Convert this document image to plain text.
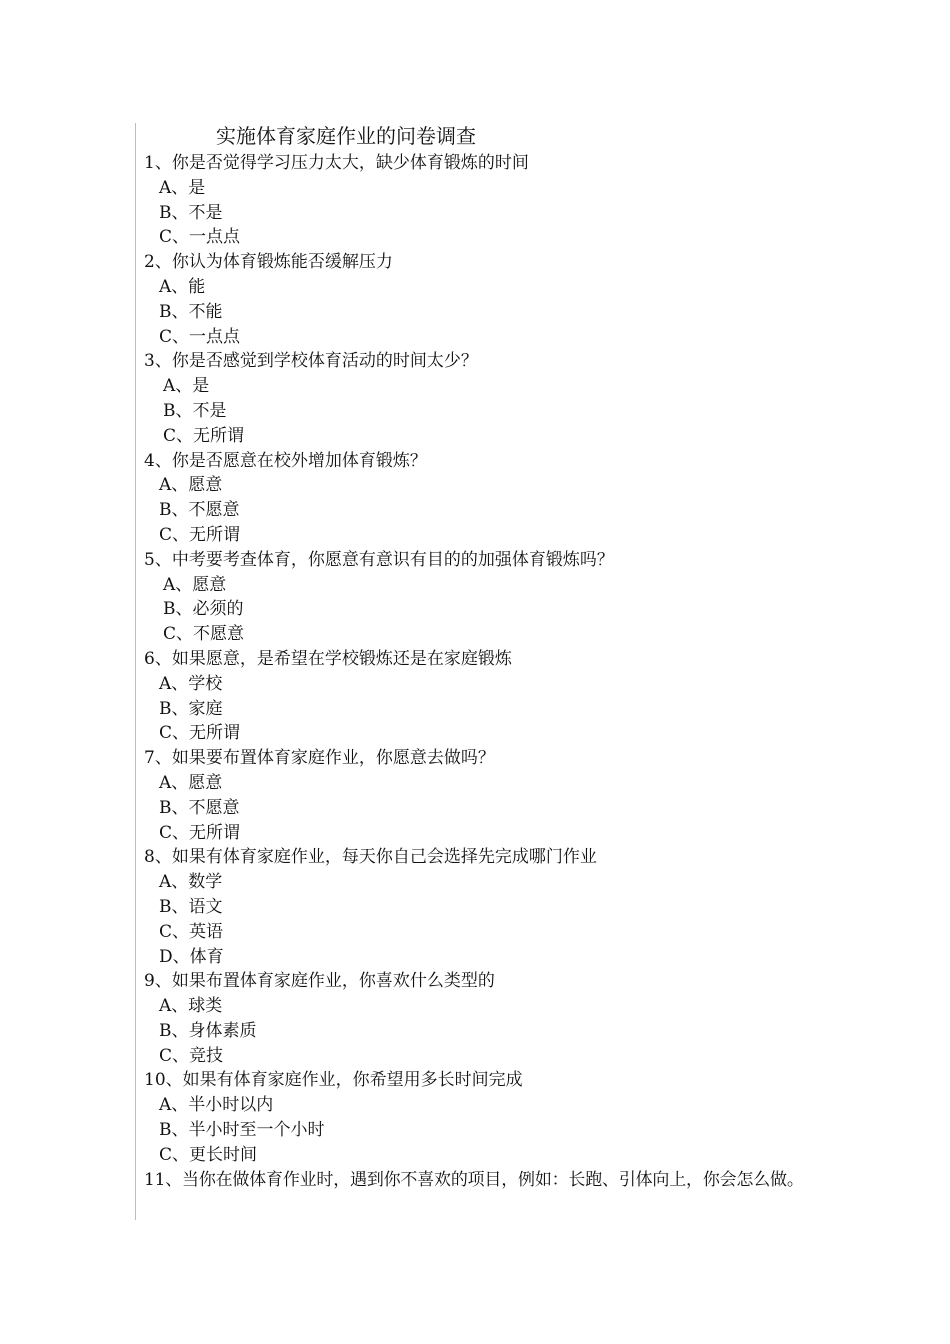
实施体育家庭作业的问卷调查

1、你是否觉得学习压力太大，缺少体育锻炼的时间

A、是

B、不是

C、一点点

2、你认为体育锻炼能否缓解压力

A、能

B、不能

C、一点点

3、你是否感觉到学校体育活动的时间太少？

A、是

B、不是

C、无所谓

4、你是否愿意在校外增加体育锻炼？

A、愿意

B、不愿意

C、无所谓

5、中考要考查体育，你愿意有意识有目的的加强体育锻炼吗？

A、愿意

B、必须的

C、不愿意

6、如果愿意，是希望在学校锻炼还是在家庭锻炼

A、学校

B、家庭

C、无所谓

7、如果要布置体育家庭作业，你愿意去做吗？

A、愿意

B、不愿意

C、无所谓

8、如果有体育家庭作业，每天你自己会选择先完成哪门作业

A、数学

B、语文

C、英语

D、体育

9、如果布置体育家庭作业，你喜欢什么类型的

A、球类

B、身体素质

C、竞技

10、如果有体育家庭作业，你希望用多长时间完成

A、半小时以内

B、半小时至一个小时

C、更长时间

11、当你在做体育作业时，遇到你不喜欢的项目，例如：长跑、引体向上，你会怎么做。
